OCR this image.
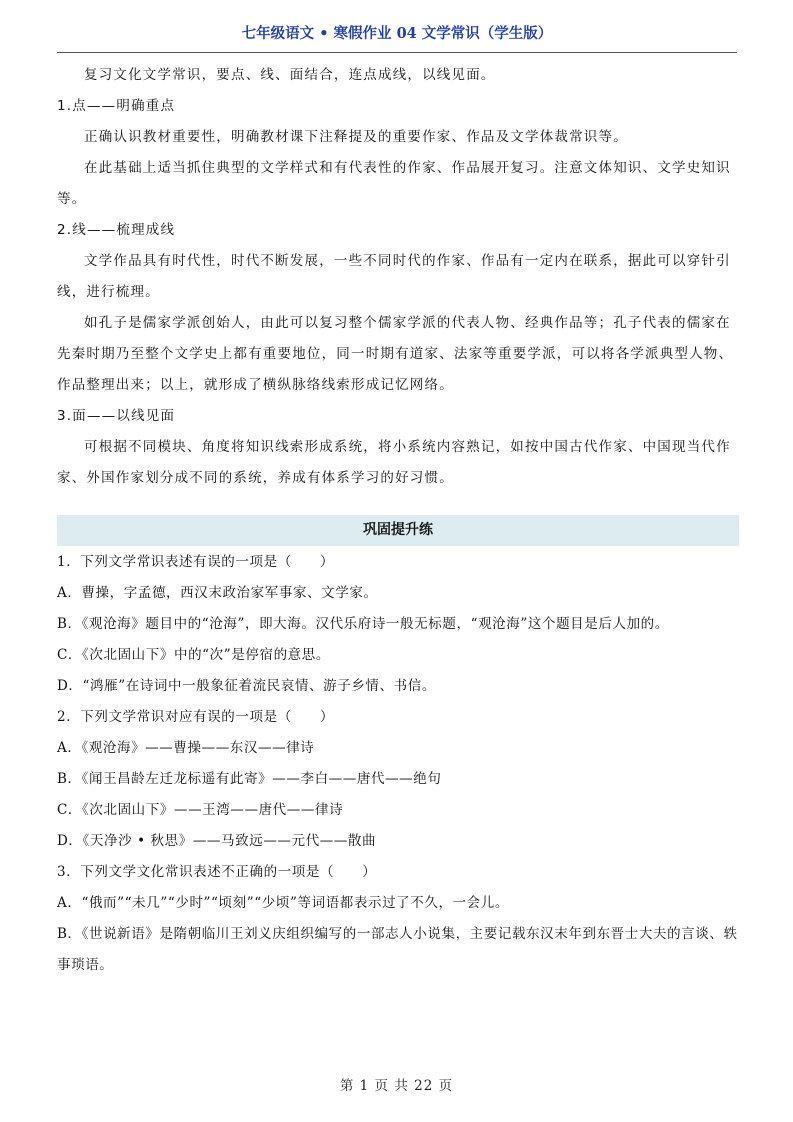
七年级语文 • 寒假作业 04 文学常识（学生版）

复习文化文学常识，要点、线、面结合，连点成线，以线见面。

1.点——明确重点

正确认识教材重要性，明确教材课下注释提及的重要作家、作品及文学体裁常识等。

在此基础上适当抓住典型的文学样式和有代表性的作家、作品展开复习。注意文体知识、文学史知识等。

2.线——梳理成线

文学作品具有时代性，时代不断发展，一些不同时代的作家、作品有一定内在联系，据此可以穿针引线，进行梳理。

如孔子是儒家学派创始人，由此可以复习整个儒家学派的代表人物、经典作品等；孔子代表的儒家在先秦时期乃至整个文学史上都有重要地位，同一时期有道家、法家等重要学派，可以将各学派典型人物、作品整理出来；以上，就形成了横纵脉络线索形成记忆网络。

3.面——以线见面

可根据不同模块、角度将知识线索形成系统，将小系统内容熟记，如按中国古代作家、中国现当代作家、外国作家划分成不同的系统，养成有体系学习的好习惯。

巩固提升练

1．下列文学常识表述有误的一项是（　　）

A．曹操，字孟德，西汉末政治家军事家、文学家。

B．《观沧海》题目中的“沧海”，即大海。汉代乐府诗一般无标题，“观沧海”这个题目是后人加的。

C．《次北固山下》中的“次”是停宿的意思。

D．“鸿雁”在诗词中一般象征着流民哀情、游子乡情、书信。

2．下列文学常识对应有误的一项是（　　）

A．《观沧海》——曹操——东汉——律诗

B．《闻王昌龄左迁龙标遥有此寄》——李白——唐代——绝句

C．《次北固山下》——王湾——唐代——律诗

D．《天净沙 • 秋思》——马致远——元代——散曲

3．下列文学文化常识表述不正确的一项是（　　）

A．“俄而”“未几”“少时”“顷刻”“少顷”等词语都表示过了不久，一会儿。

B．《世说新语》是隋朝临川王刘义庆组织编写的一部志人小说集，主要记载东汉末年到东晋士大夫的言谈、轶事琐语。

第 1 页 共 22 页
